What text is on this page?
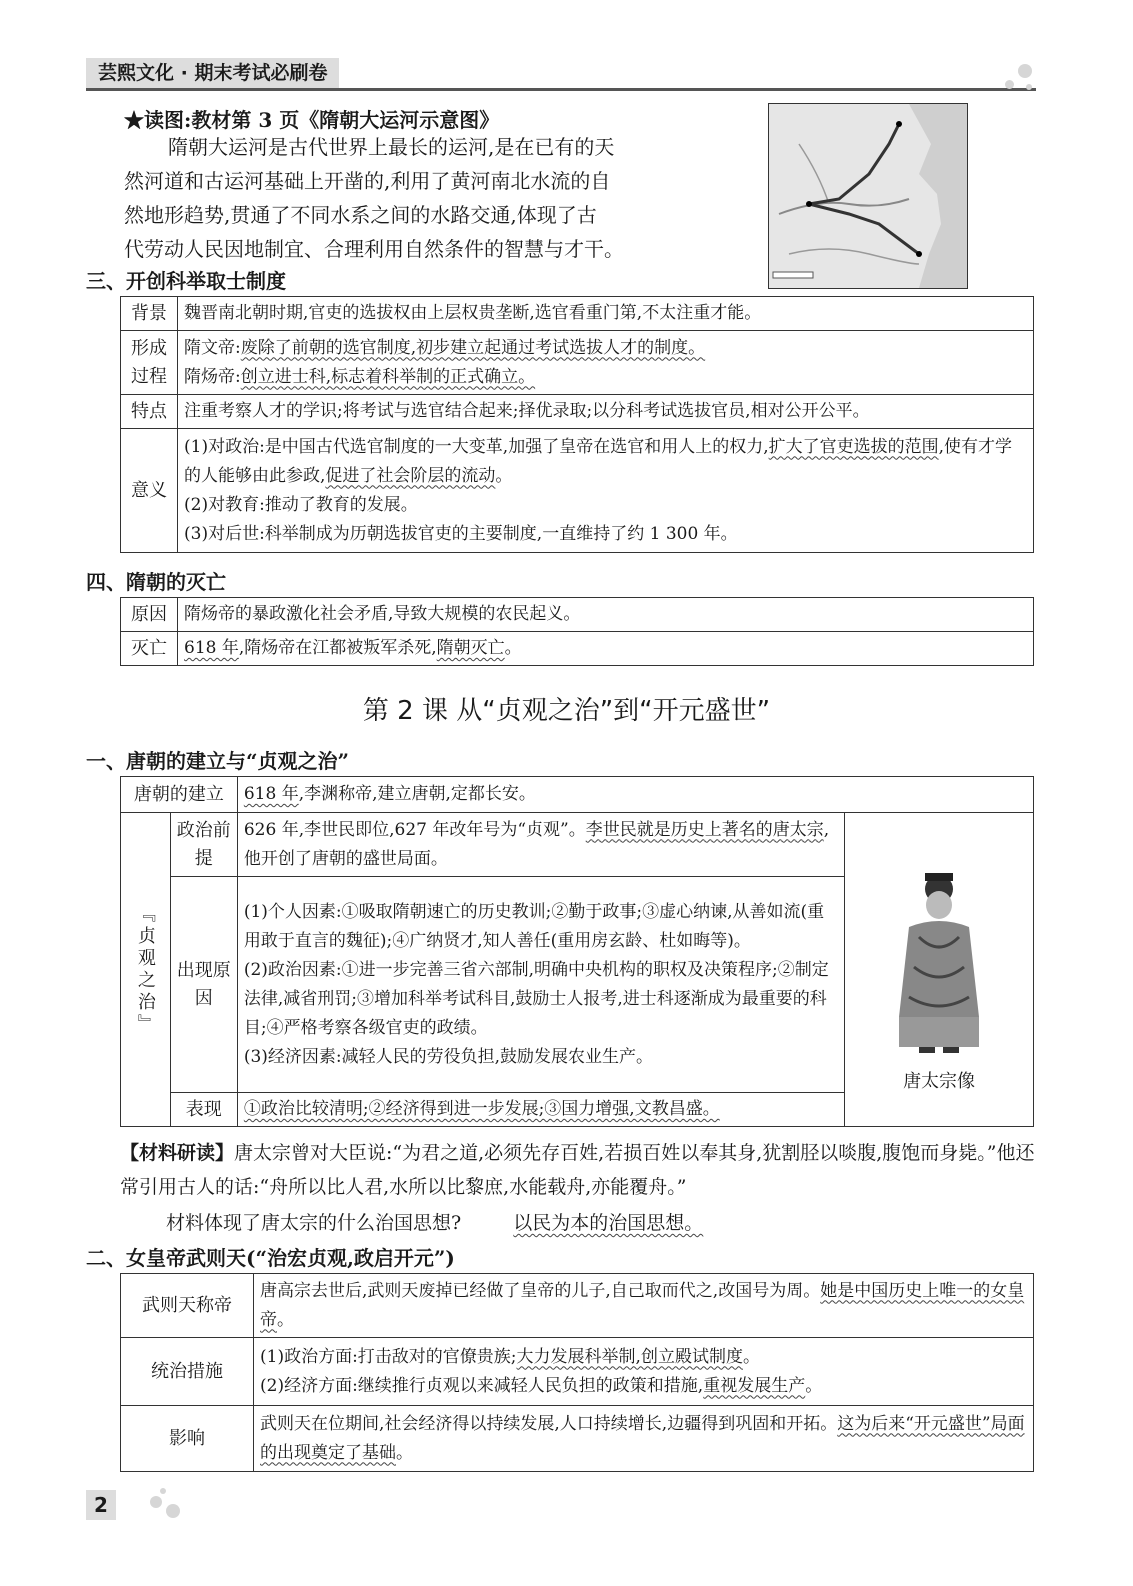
芸熙文化 · 期末考试必刷卷
★读图:教材第 3 页《隋朝大运河示意图》
隋朝大运河是古代世界上最长的运河,是在已有的天
然河道和古运河基础上开凿的,利用了黄河南北水流的自
然地形趋势,贯通了不同水系之间的水路交通,体现了古
代劳动人民因地制宜、合理利用自然条件的智慧与才干。
三、开创科举取士制度
背景	魏晋南北朝时期,官吏的选拔权由上层权贵垄断,选官看重门第,不太注重才能。
形成过程	隋文帝:废除了前朝的选官制度,初步建立起通过考试选拔人才的制度。
隋炀帝:创立进士科,标志着科举制的正式确立。

特点	注重考察人才的学识;将考试与选官结合起来;择优录取;以分科考试选拔官员,相对公开公平。
意义	(1)对政治:是中国古代选官制度的一大变革,加强了皇帝在选官和用人上的权力,扩大了官吏选拔的范围,使有才学的人能够由此参政,促进了社会阶层的流动。
(2)对教育:推动了教育的发展。
(3)对后世:科举制成为历朝选拔官吏的主要制度,一直维持了约 1 300 年。
四、隋朝的灭亡
原因	隋炀帝的暴政激化社会矛盾,导致大规模的农民起义。
灭亡	618 年,隋炀帝在江都被叛军杀死,隋朝灭亡。
第 2 课 从“贞观之治”到“开元盛世”
一、唐朝的建立与“贞观之治”
唐朝的建立		618 年,李渊称帝,建立唐朝,定都长安。	
『贞观之治』	政治前提	626 年,李世民即位,627 年改年号为“贞观”。李世民就是历史上著名的唐太宗,他开创了唐朝的盛世局面。	唐太宗像

	出现原因	(1)个人因素:①吸取隋朝速亡的历史教训;②勤于政事;③虚心纳谏,从善如流(重用敢于直言的魏征);④广纳贤才,知人善任(重用房玄龄、杜如晦等)。
(2)政治因素:①进一步完善三省六部制,明确中央机构的职权及决策程序;②制定法律,减省刑罚;③增加科举考试科目,鼓励士人报考,进士科逐渐成为最重要的科目;④严格考察各级官吏的政绩。
(3)经济因素:减轻人民的劳役负担,鼓励发展农业生产。	

	表现	①政治比较清明;②经济得到进一步发展;③国力增强,文教昌盛。	
【材料研读】唐太宗曾对大臣说:“为君之道,必须先存百姓,若损百姓以奉其身,犹割胫以啖腹,腹饱而身毙。”他还常引用古人的话:“舟所以比人君,水所以比黎庶,水能载舟,亦能覆舟。”
材料体现了唐太宗的什么治国思想?	以民为本的治国思想。
二、女皇帝武则天(“治宏贞观,政启开元”)
武则天称帝	唐高宗去世后,武则天废掉已经做了皇帝的儿子,自己取而代之,改国号为周。她是中国历史上唯一的女皇帝。
统治措施	(1)政治方面:打击敌对的官僚贵族;大力发展科举制,创立殿试制度。
(2)经济方面:继续推行贞观以来减轻人民负担的政策和措施,重视发展生产。

影响	武则天在位期间,社会经济得以持续发展,人口持续增长,边疆得到巩固和开拓。这为后来“开元盛世”局面的出现奠定了基础。
2
